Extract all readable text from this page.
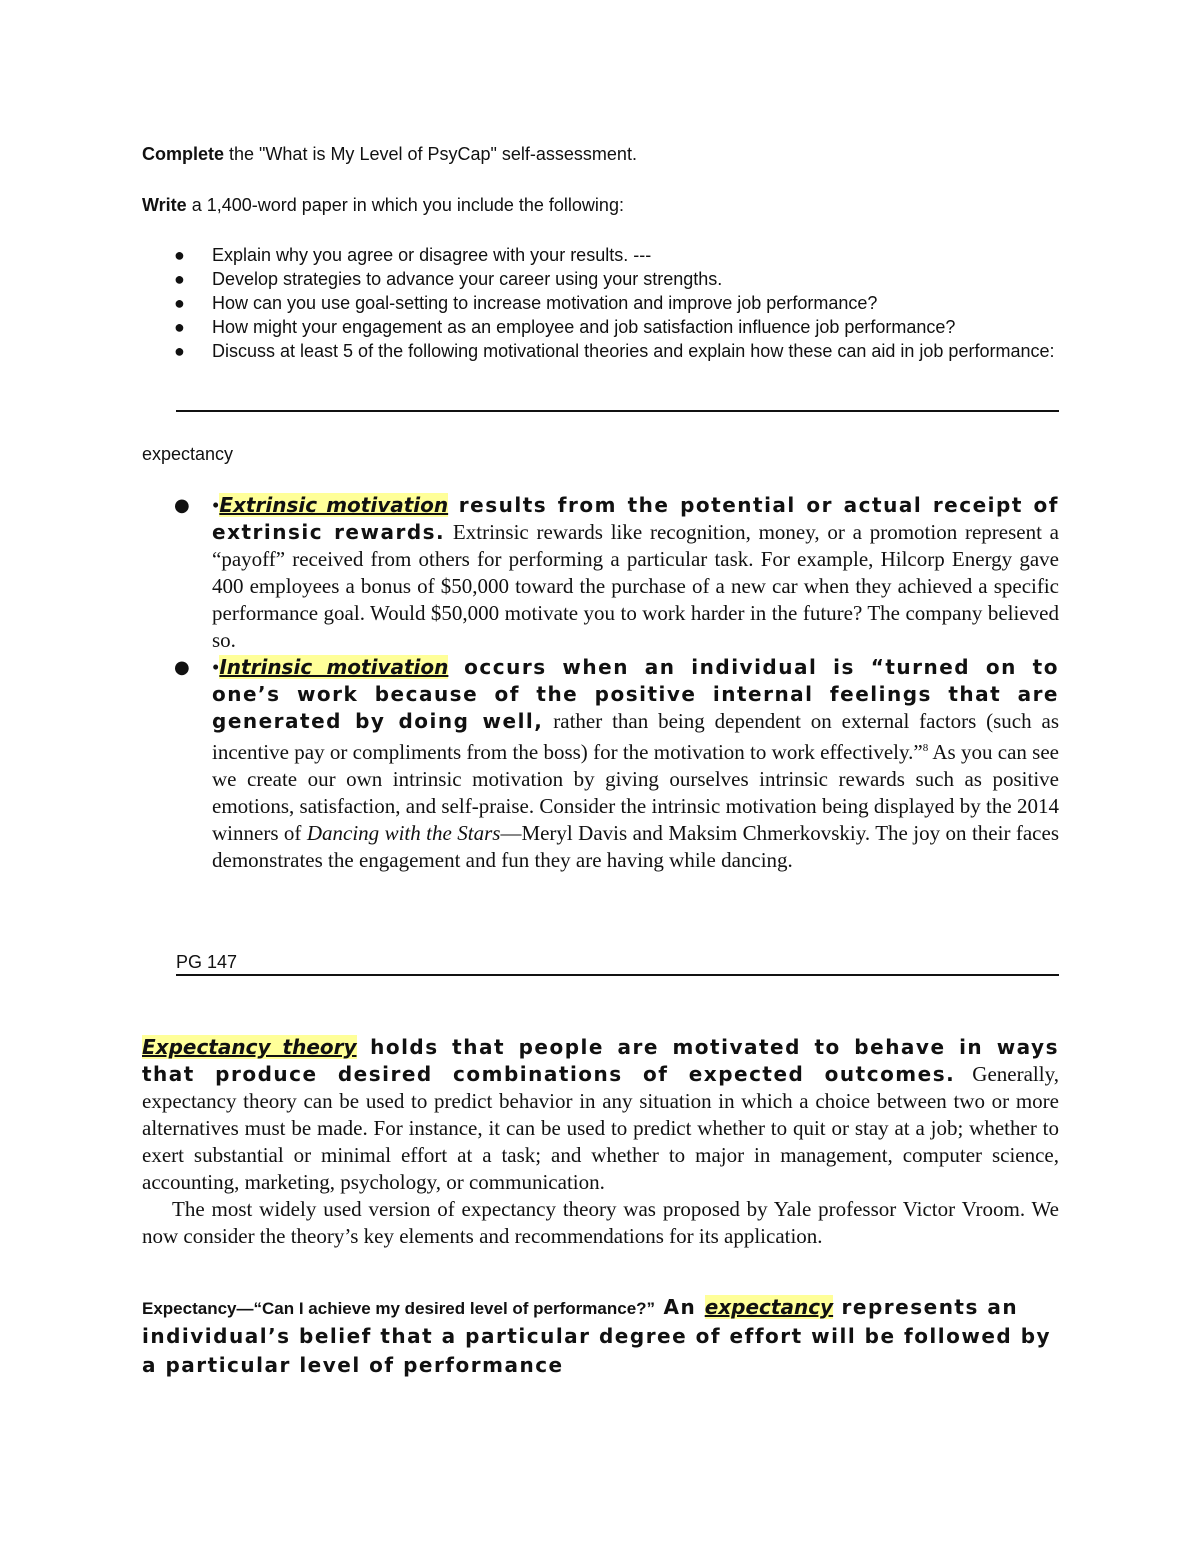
Complete the "What is My Level of PsyCap" self-assessment.
Write a 1,400-word paper in which you include the following:
● Explain why you agree or disagree with your results. ---
● Develop strategies to advance your career using your strengths.
● How can you use goal-setting to increase motivation and improve job performance?
● How might your engagement as an employee and job satisfaction influence job performance?
● Discuss at least 5 of the following motivational theories and explain how these can aid in job performance:
expectancy
● •Extrinsic motivation results from the potential or actual receipt of extrinsic rewards. Extrinsic rewards like recognition, money, or a promotion represent a “payoff” received from others for performing a particular task. For example, Hilcorp Energy gave 400 employees a bonus of $50,000 toward the purchase of a new car when they achieved a specific performance goal. Would $50,000 motivate you to work harder in the future? The company believed so.
● •Intrinsic motivation occurs when an individual is “turned on to one’s work because of the positive internal feelings that are generated by doing well, rather than being dependent on external factors (such as incentive pay or compliments from the boss) for the motivation to work effectively.”$^8$ As you can see we create our own intrinsic motivation by giving ourselves intrinsic rewards such as positive emotions, satisfaction, and self-praise. Consider the intrinsic motivation being displayed by the 2014 winners of Dancing with the Stars—Meryl Davis and Maksim Chmerkovskiy. The joy on their faces demonstrates the engagement and fun they are having while dancing.
PG 147
Expectancy theory holds that people are motivated to behave in ways that produce desired combinations of expected outcomes. Generally, expectancy theory can be used to predict behavior in any situation in which a choice between two or more alternatives must be made. For instance, it can be used to predict whether to quit or stay at a job; whether to exert substantial or minimal effort at a task; and whether to major in management, computer science, accounting, marketing, psychology, or communication.
The most widely used version of expectancy theory was proposed by Yale professor Victor Vroom. We now consider the theory’s key elements and recommendations for its application.
Expectancy—“Can I achieve my desired level of performance?” An expectancy represents an individual’s belief that a particular degree of effort will be followed by a particular level of performance
